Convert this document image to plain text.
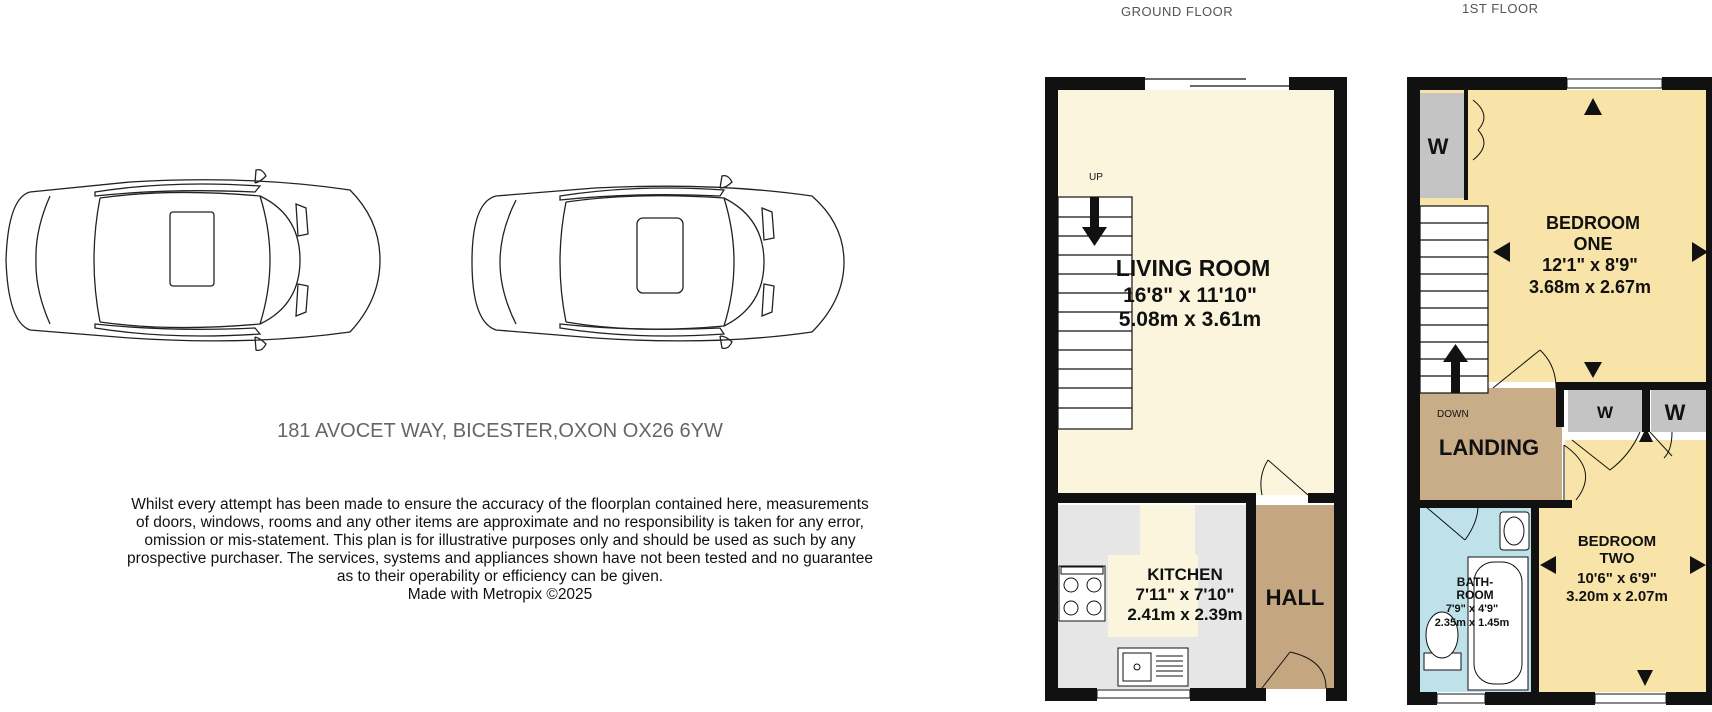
GROUND FLOOR	1ST FLOOR
181 AVOCET WAY, BICESTER,OXON OX26 6YW
Whilst every attempt has been made to ensure the accuracy of the floorplan contained here, measurements
of doors, windows, rooms and any other items are approximate and no responsibility is taken for any error,
omission or mis-statement. This plan is for illustrative purposes only and should be used as such by any
prospective purchaser. The services, systems and appliances shown have not been tested and no guarantee
as to their operability or efficiency can be given.
Made with Metropix ©2025
UP
LIVING ROOM
16'8" x 11'10"
5.08m x 3.61m
KITCHEN
7'11" x 7'10"
2.41m x 2.39m
HALL
W
W W
DOWN
BEDROOM
ONE
12'1" x 8'9"
3.68m x 2.67m
LANDING
BEDROOM
TWO
10'6" x 6'9"
3.20m x 2.07m
BATH-
ROOM
7'9" x 4'9"
2.35m x 1.45m
